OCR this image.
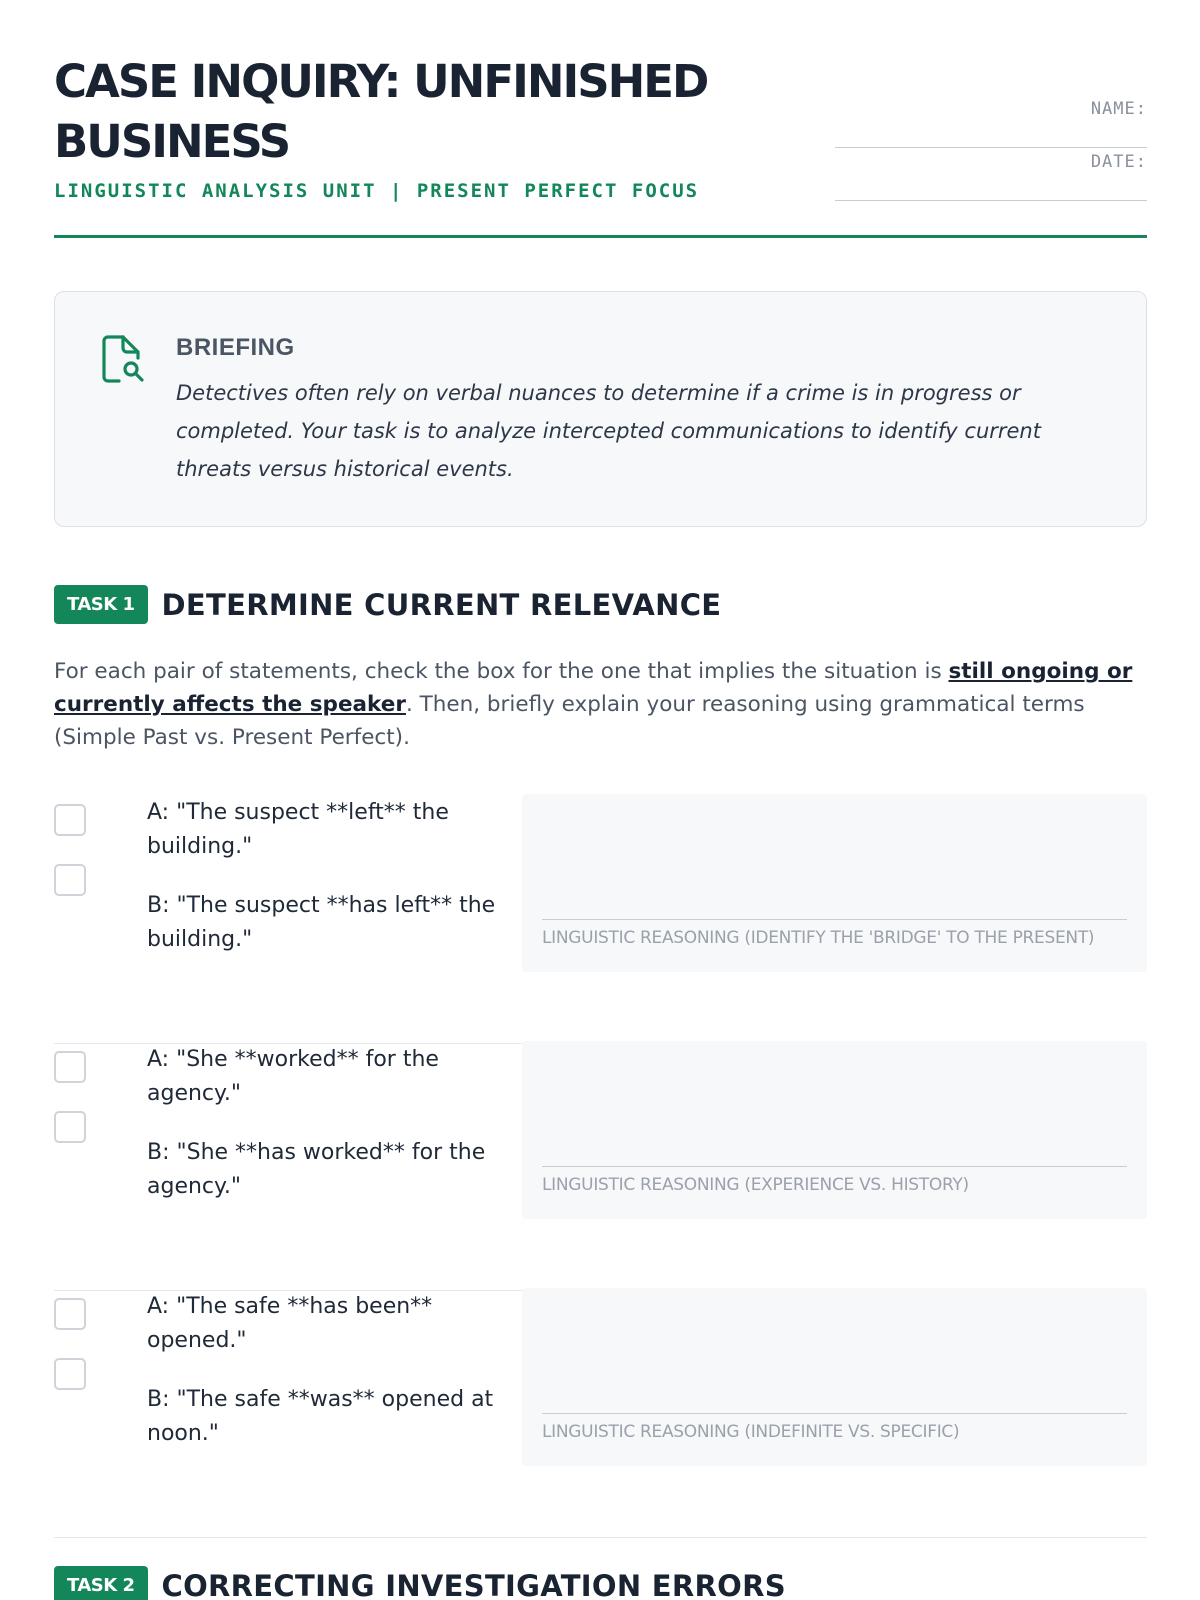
CASE INQUIRY: UNFINISHED BUSINESS
LINGUISTIC ANALYSIS UNIT | PRESENT PERFECT FOCUS
NAME:
DATE:
BRIEFING
Detectives often rely on verbal nuances to determine if a crime is in progress or completed. Your task is to analyze intercepted communications to identify current threats versus historical events.
TASK 1 DETERMINE CURRENT RELEVANCE

For each pair of statements, check the box for the one that implies the situation is still ongoing or currently affects the speaker. Then, briefly explain your reasoning using grammatical terms (Simple Past vs. Present Perfect).

A: "The suspect **left** the building."
B: "The suspect **has left** the building."	LINGUISTIC REASONING (IDENTIFY THE 'BRIDGE' TO THE PRESENT)
A: "She **worked** for the agency."
B: "She **has worked** for the agency."	LINGUISTIC REASONING (EXPERIENCE VS. HISTORY)
A: "The safe **has been** opened."
B: "The safe **was** opened at noon."	LINGUISTIC REASONING (INDEFINITE VS. SPECIFIC)
TASK 2 CORRECTING INVESTIGATION ERRORS
